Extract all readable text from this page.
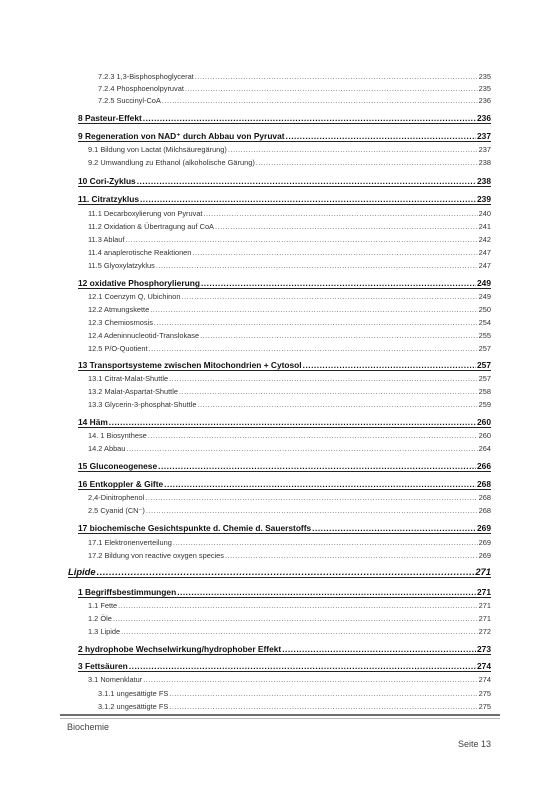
7.2.3 1,3-Bisphosphoglycerat .....	235
7.2.4 Phosphoenolpyruvat .....	235
7.2.5 Succinyl-CoA .....	236
8 Pasteur-Effekt .....	236
9 Regeneration von NAD⁺ durch Abbau von Pyruvat .....	237
9.1 Bildung von Lactat (Milchsäuregärung) .....	237
9.2 Umwandlung zu Ethanol (alkoholische Gärung) .....	238
10 Cori-Zyklus .....	238
11. Citratzyklus .....	239
11.1 Decarboxylierung von Pyruvat .....	240
11.2 Oxidation & Übertragung auf CoA .....	241
11.3 Ablauf .....	242
11.4 anaplerotische Reaktionen .....	247
11.5 Glyoxylatzyklus .....	247
12 oxidative Phosphorylierung .....	249
12.1 Coenzym Q, Ubichinon .....	249
12.2 Atmungskette .....	250
12.3 Chemiosmosis .....	254
12.4 Adeninnucleotid-Translokase .....	255
12.5 P/O-Quotient .....	257
13 Transportsysteme zwischen Mitochondrien + Cytosol .....	257
13.1 Citrat-Malat-Shuttle .....	257
13.2 Malat-Aspartat-Shuttle .....	258
13.3 Glycerin-3-phosphat-Shuttle .....	259
14 Häm .....	260
14. 1 Biosynthese .....	260
14.2 Abbau .....	264
15 Gluconeogenese .....	266
16 Entkoppler & Gifte .....	268
2,4-Dinitrophenol .....	268
2.5 Cyanid (CN⁻) .....	268
17 biochemische Gesichtspunkte d. Chemie d. Sauerstoffs .....	269
17.1 Elektronenverteilung .....	269
17.2 Bildung von reactive oxygen species .....	269
Lipide .....	271
1 Begriffsbestimmungen .....	271
1.1 Fette .....	271
1.2 Öle .....	271
1.3 Lipide .....	272
2 hydrophobe Wechselwirkung/hydrophober Effekt .....	273
3 Fettsäuren .....	274
3.1 Nomenklatur .....	274
3.1.1 ungesättigte FS .....	275
3.1.2 ungesättigte FS .....	275
Biochemie
Seite 13
